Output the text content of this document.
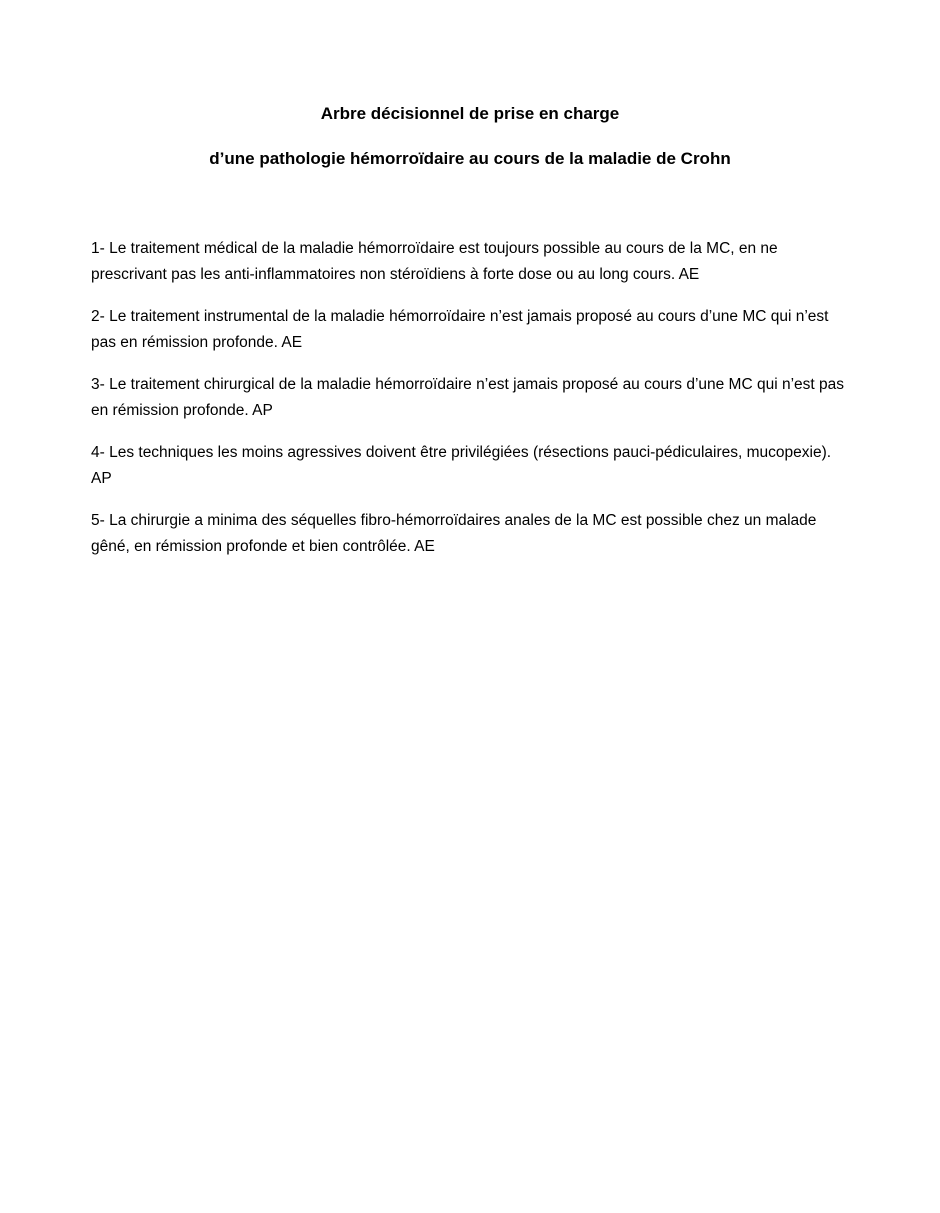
Arbre décisionnel de prise en charge

d’une pathologie hémorroïdaire au cours de la maladie de Crohn

1- Le traitement médical de la maladie hémorroïdaire est toujours possible au cours de la MC, en ne prescrivant pas les anti-inflammatoires non stéroïdiens à forte dose ou au long cours. AE

2- Le traitement instrumental de la maladie hémorroïdaire n’est jamais proposé au cours d’une MC qui n’est pas en rémission profonde. AE

3- Le traitement chirurgical de la maladie hémorroïdaire n’est jamais proposé au cours d’une MC qui n’est pas en rémission profonde. AP

4- Les techniques les moins agressives doivent être privilégiées (résections pauci-pédiculaires, mucopexie). AP

5- La chirurgie a minima des séquelles fibro-hémorroïdaires anales de la MC est possible chez un malade gêné, en rémission profonde et bien contrôlée. AE
